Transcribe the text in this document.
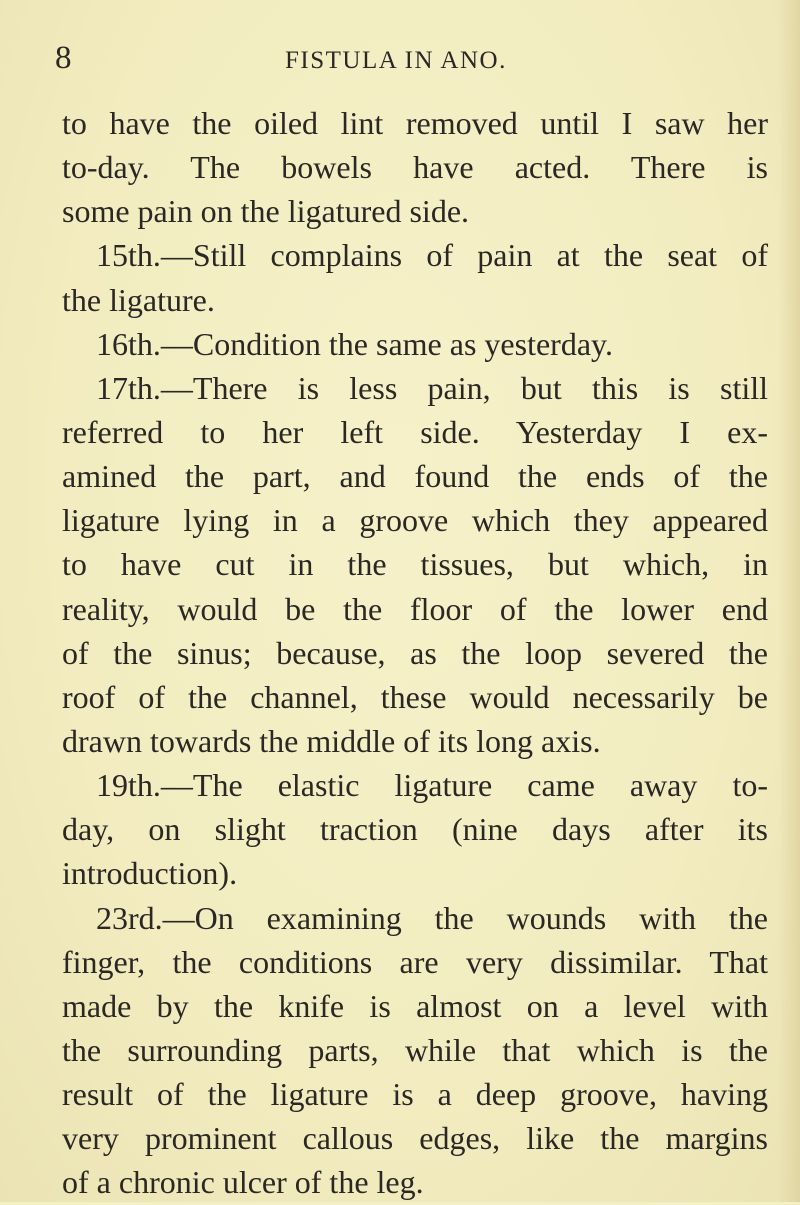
8	FISTULA IN ANO.
to have the oiled lint removed until I saw her
to-day. The bowels have acted. There is
some pain on the ligatured side.
15th.—Still complains of pain at the seat of
the ligature.
16th.—Condition the same as yesterday.
17th.—There is less pain, but this is still
referred to her left side. Yesterday I ex-
amined the part, and found the ends of the
ligature lying in a groove which they appeared
to have cut in the tissues, but which, in
reality, would be the floor of the lower end
of the sinus; because, as the loop severed the
roof of the channel, these would necessarily be
drawn towards the middle of its long axis.
19th.—The elastic ligature came away to-
day, on slight traction (nine days after its
introduction).
23rd.—On examining the wounds with the
finger, the conditions are very dissimilar. That
made by the knife is almost on a level with
the surrounding parts, while that which is the
result of the ligature is a deep groove, having
very prominent callous edges, like the margins
of a chronic ulcer of the leg.
